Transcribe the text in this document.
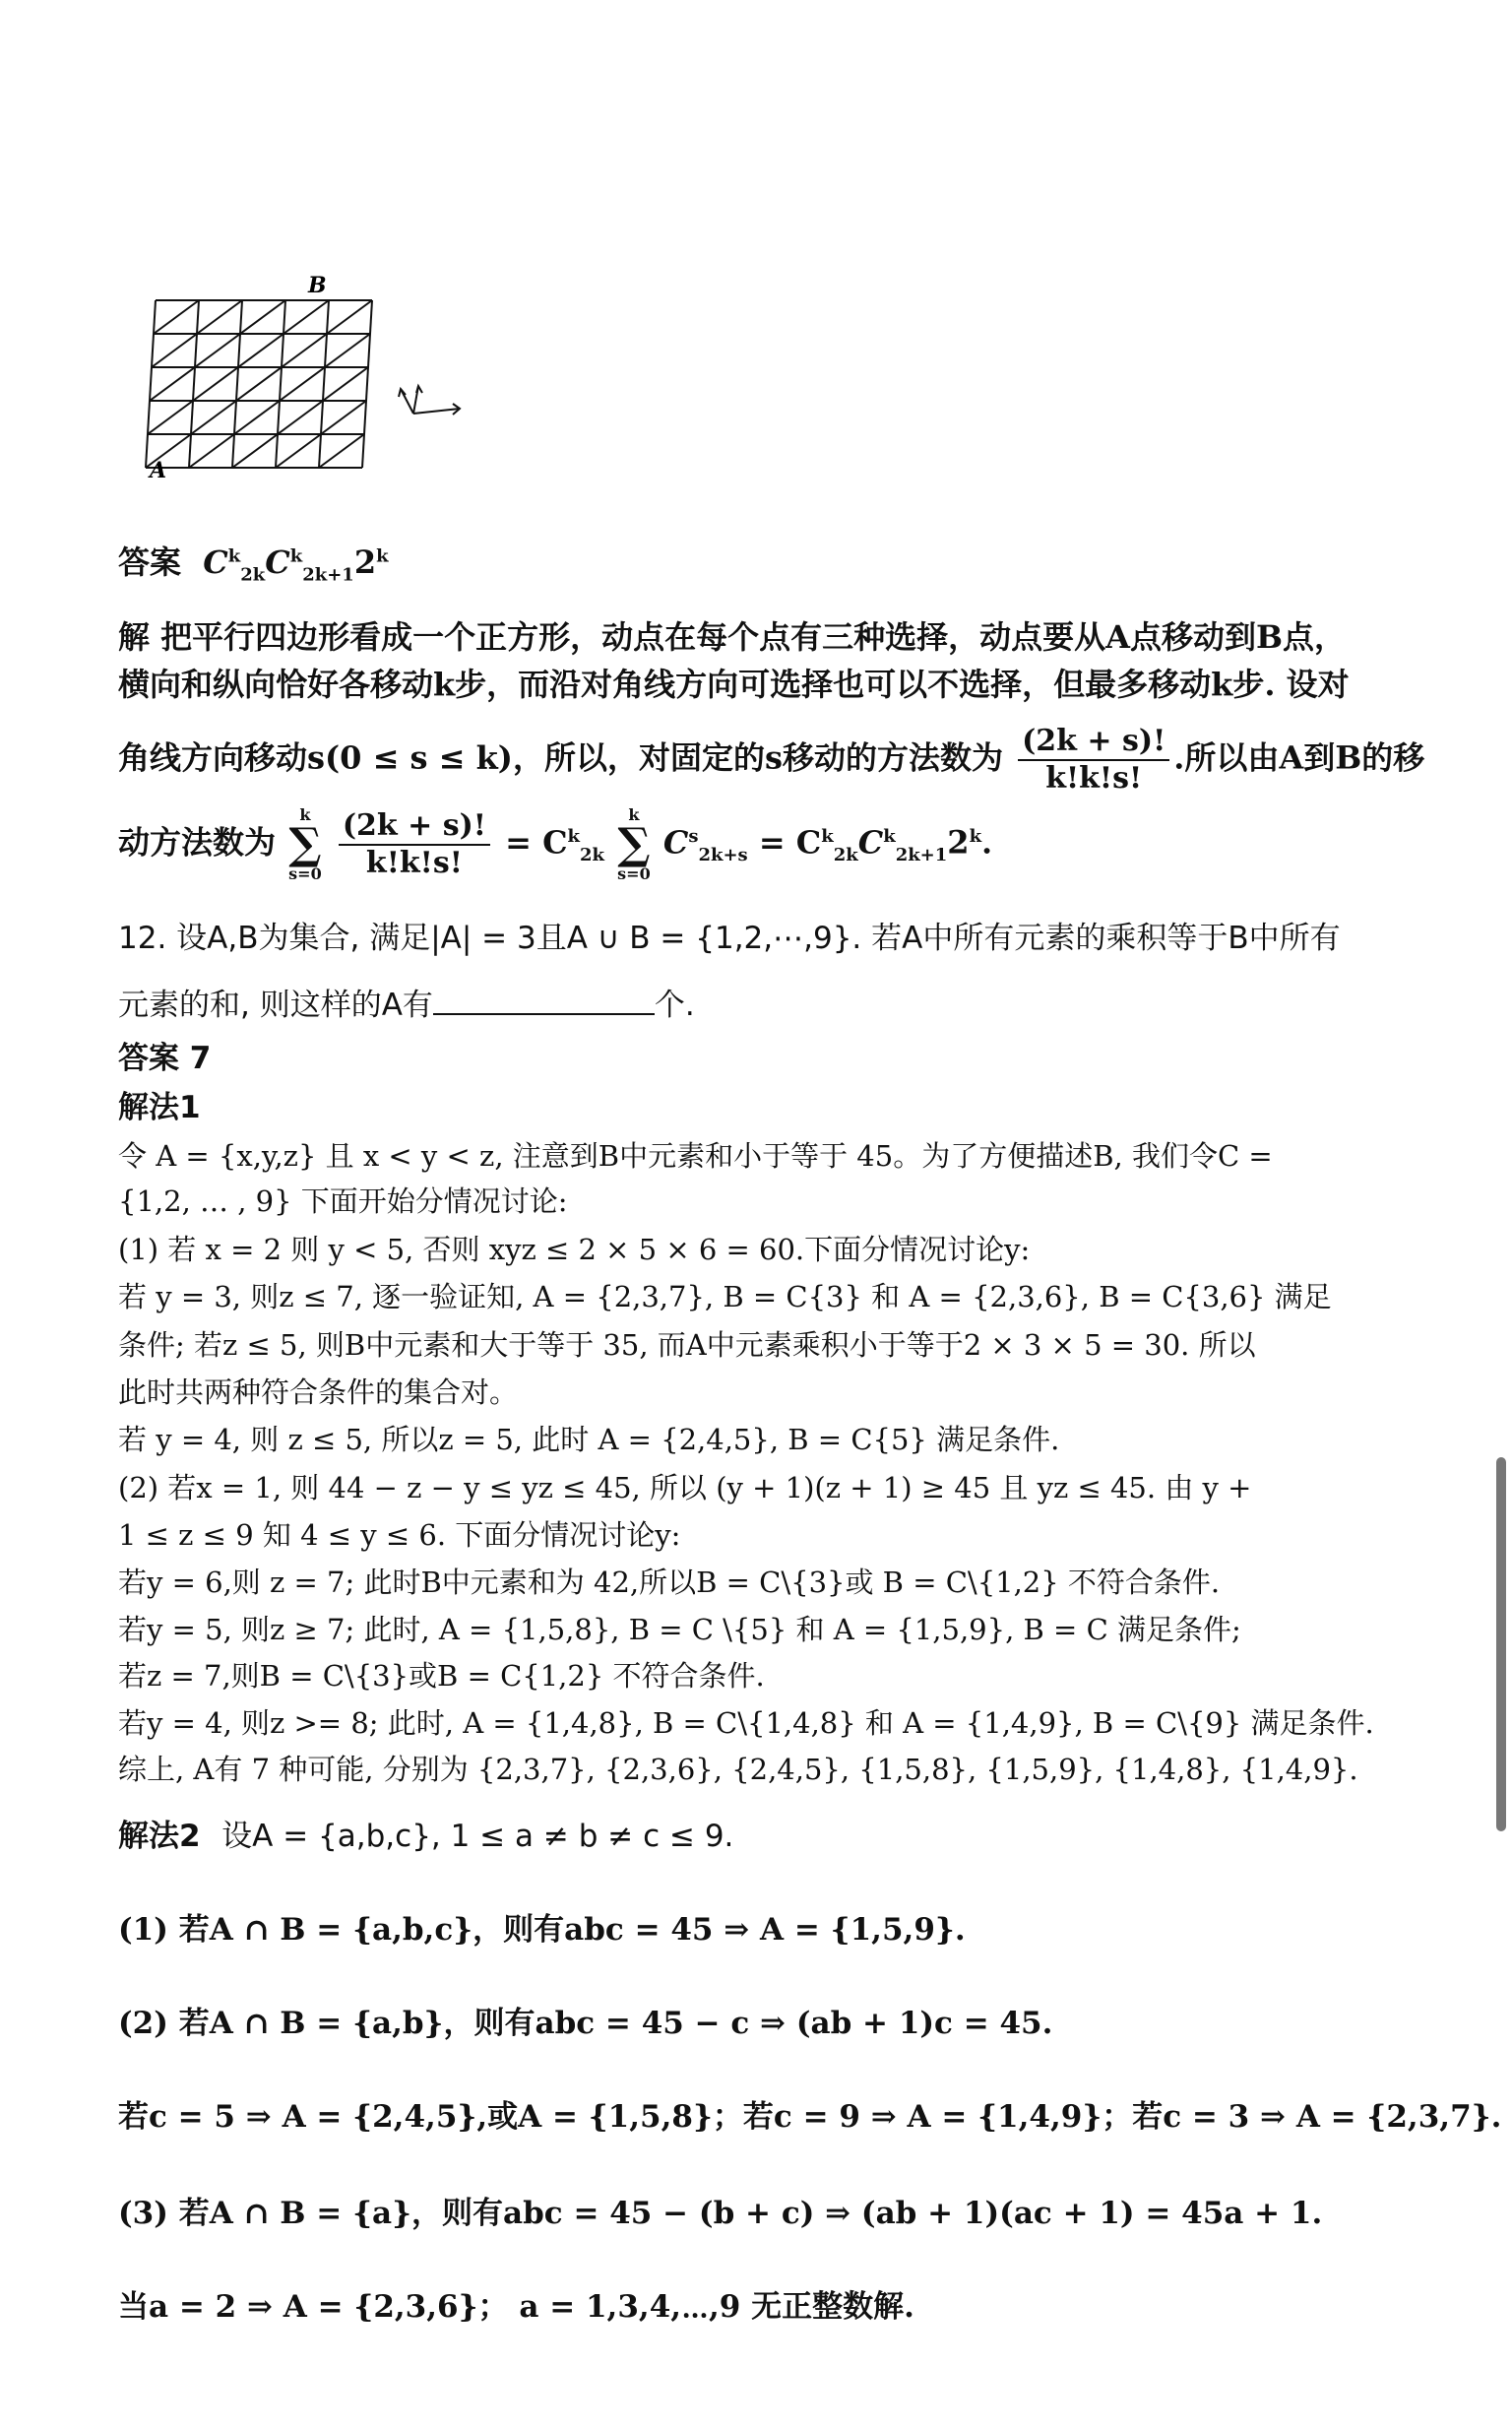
B
A
答案 $C^k_{2k}C^k_{2k+1}2^k$
解 把平行四边形看成一个正方形，动点在每个点有三种选择，动点要从A点移动到B点，
横向和纵向恰好各移动k步，而沿对角线方向可选择也可以不选择，但最多移动k步. 设对
角线方向移动s(0 ≤ s ≤ k)，所以，对固定的s移动的方法数为 $\frac{(2k + s)!}{k!k!s!}$ .所以由A到B的移
动方法数为
k
∑
s=0
$\frac{(2k + s)!}{k!k!s!} = C^k_{2k}$
k
∑
s=0
$C^s_{2k+s} = C^k_{2k}C^k_{2k+1}2^k$.
12. 设A,B为集合, 满足|A| = 3且A ∪ B = {1,2,⋯,9}. 若A中所有元素的乘积等于B中所有
元素的和, 则这样的A有	个.
答案 7
解法1
令 A = {x,y,z} 且 x < y < z, 注意到B中元素和小于等于 45。为了方便描述B, 我们令C =
{1,2, … , 9} 下面开始分情况讨论:
(1) 若 x = 2 则 y < 5, 否则 xyz ≤ 2 × 5 × 6 = 60.下面分情况讨论y:
若 y = 3, 则z ≤ 7, 逐一验证知, A = {2,3,7}, B = C{3} 和 A = {2,3,6}, B = C{3,6} 满足
条件; 若z ≤ 5, 则B中元素和大于等于 35, 而A中元素乘积小于等于2 × 3 × 5 = 30. 所以
此时共两种符合条件的集合对。
若 y = 4, 则 z ≤ 5, 所以z = 5, 此时 A = {2,4,5}, B = C{5} 满足条件.
(2) 若x = 1, 则 44 − z − y ≤ yz ≤ 45, 所以 (y + 1)(z + 1) ≥ 45 且 yz ≤ 45. 由 y +
1 ≤ z ≤ 9 知 4 ≤ y ≤ 6. 下面分情况讨论y:
若y = 6,则 z = 7; 此时B中元素和为 42,所以B = C\{3}或 B = C\{1,2} 不符合条件.
若y = 5, 则z ≥ 7; 此时, A = {1,5,8}, B = C \{5} 和 A = {1,5,9}, B = C 满足条件;
若z = 7,则B = C\{3}或B = C{1,2} 不符合条件.
若y = 4, 则z >= 8; 此时, A = {1,4,8}, B = C\{1,4,8} 和 A = {1,4,9}, B = C\{9} 满足条件.
综上, A有 7 种可能, 分别为 {2,3,7}, {2,3,6}, {2,4,5}, {1,5,8}, {1,5,9}, {1,4,8}, {1,4,9}.
解法2 设A = {a,b,c}, 1 ≤ a ≠ b ≠ c ≤ 9.
(1) 若A ∩ B = {a,b,c}，则有abc = 45 ⇒ A = {1,5,9}.
(2) 若A ∩ B = {a,b}，则有abc = 45 − c ⇒ (ab + 1)c = 45.
若c = 5 ⇒ A = {2,4,5},或A = {1,5,8}；若c = 9 ⇒ A = {1,4,9}；若c = 3 ⇒ A = {2,3,7}.
(3) 若A ∩ B = {a}，则有abc = 45 − (b + c) ⇒ (ab + 1)(ac + 1) = 45a + 1.
当a = 2 ⇒ A = {2,3,6}； a = 1,3,4,⋯,9 无正整数解.
